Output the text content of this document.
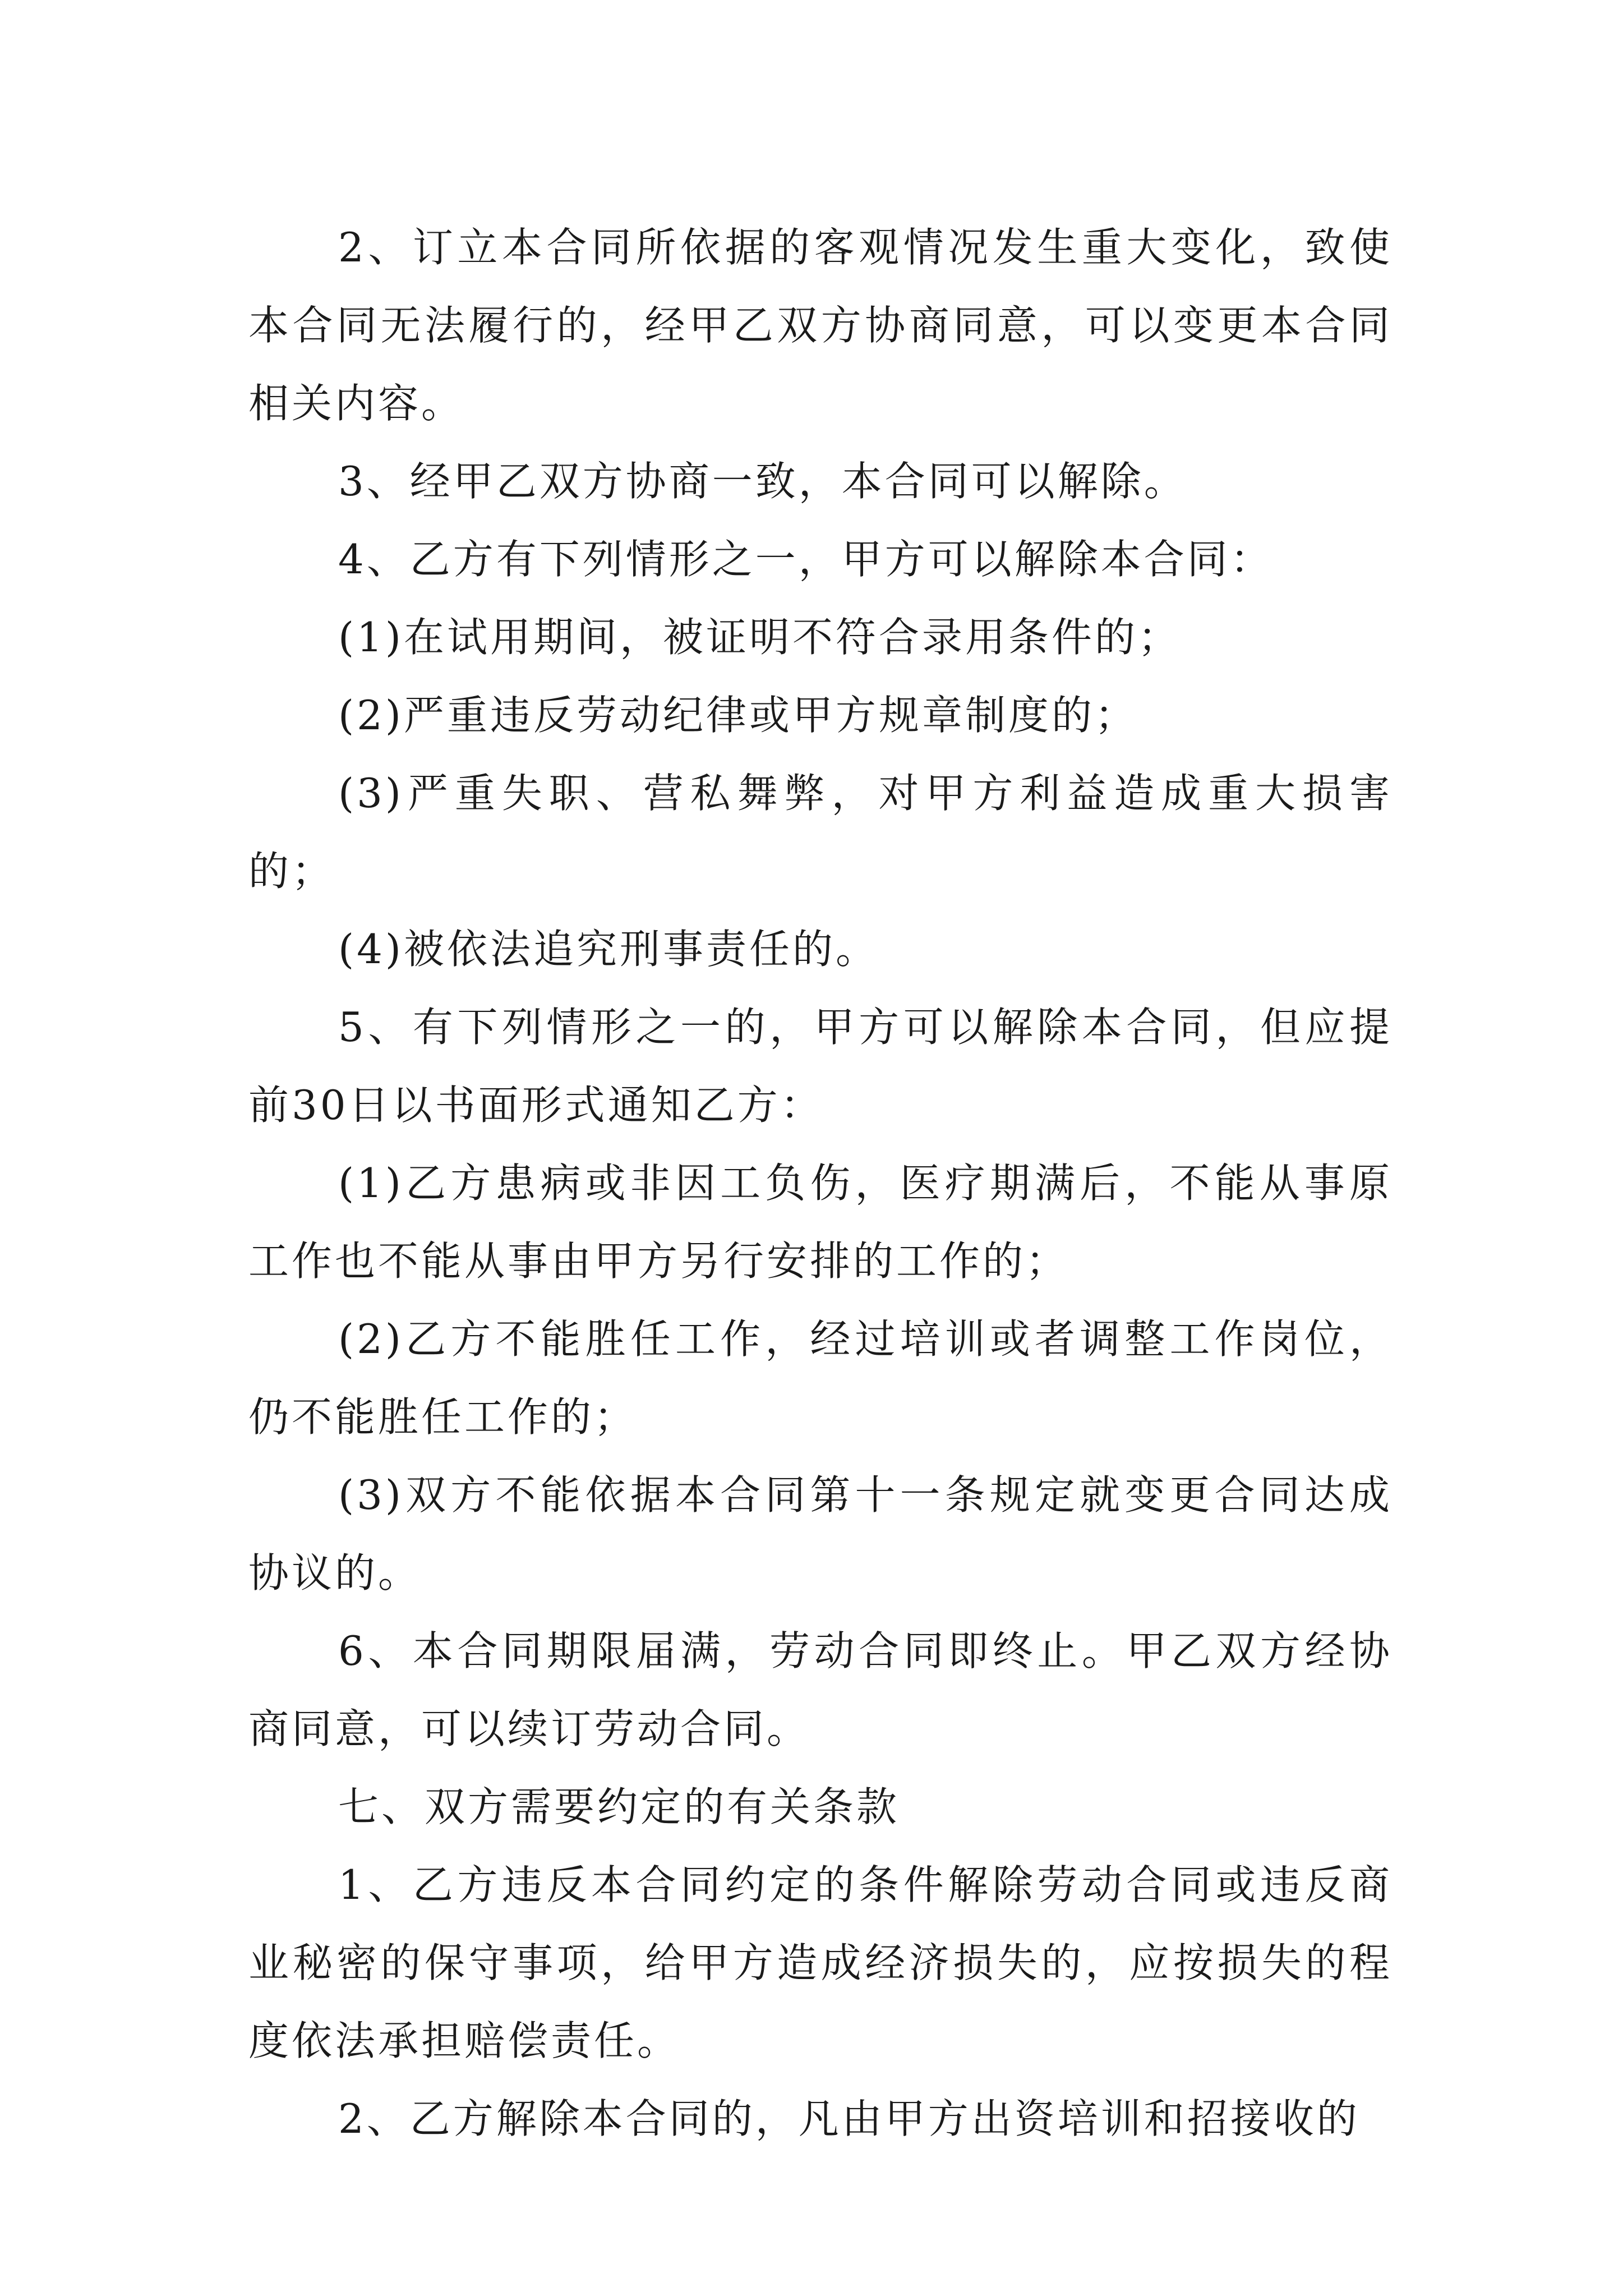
2、订立本合同所依据的客观情况发生重大变化，致使本合同无法履行的，经甲乙双方协商同意，可以变更本合同相关内容。

3、经甲乙双方协商一致，本合同可以解除。

4、乙方有下列情形之一，甲方可以解除本合同：

(1)在试用期间，被证明不符合录用条件的；

(2)严重违反劳动纪律或甲方规章制度的；

(3)严重失职、营私舞弊，对甲方利益造成重大损害的；

(4)被依法追究刑事责任的。

5、有下列情形之一的，甲方可以解除本合同，但应提前30日以书面形式通知乙方：

(1)乙方患病或非因工负伤，医疗期满后，不能从事原工作也不能从事由甲方另行安排的工作的；

(2)乙方不能胜任工作，经过培训或者调整工作岗位，仍不能胜任工作的；

(3)双方不能依据本合同第十一条规定就变更合同达成协议的。

6、本合同期限届满，劳动合同即终止。甲乙双方经协商同意，可以续订劳动合同。

七、双方需要约定的有关条款

1、乙方违反本合同约定的条件解除劳动合同或违反商业秘密的保守事项，给甲方造成经济损失的，应按损失的程度依法承担赔偿责任。

2、乙方解除本合同的，凡由甲方出资培训和招接收的
